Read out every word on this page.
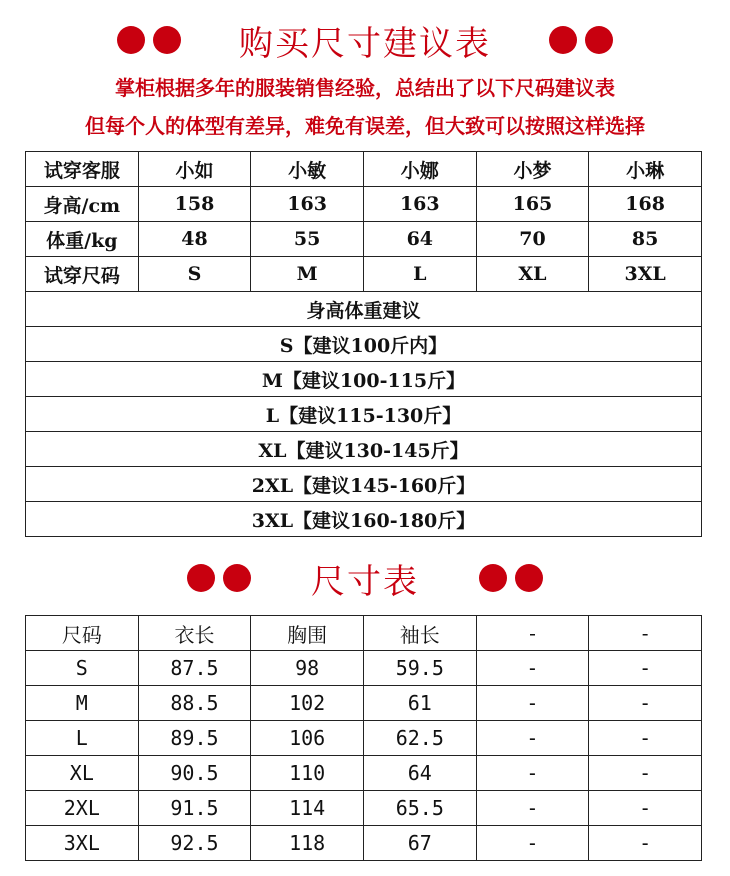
购买尺寸建议表
掌柜根据多年的服装销售经验，总结出了以下尺码建议表
但每个人的体型有差异，难免有误差，但大致可以按照这样选择
试穿客服	小如	小敏	小娜	小梦	小琳
身高/cm	158	163	163	165	168
体重/kg	48	55	64	70	85
试穿尺码	S	M	L	XL	3XL
身高体重建议					
S【建议100斤内】					
M【建议100-115斤】					
L【建议115-130斤】					
XL【建议130-145斤】					
2XL【建议145-160斤】					
3XL【建议160-180斤】					
尺寸表
尺码	衣长	胸围	袖长	-	-
S	87.5	98	59.5	-	-
M	88.5	102	61	-	-
L	89.5	106	62.5	-	-
XL	90.5	110	64	-	-
2XL	91.5	114	65.5	-	-
3XL	92.5	118	67	-	-
